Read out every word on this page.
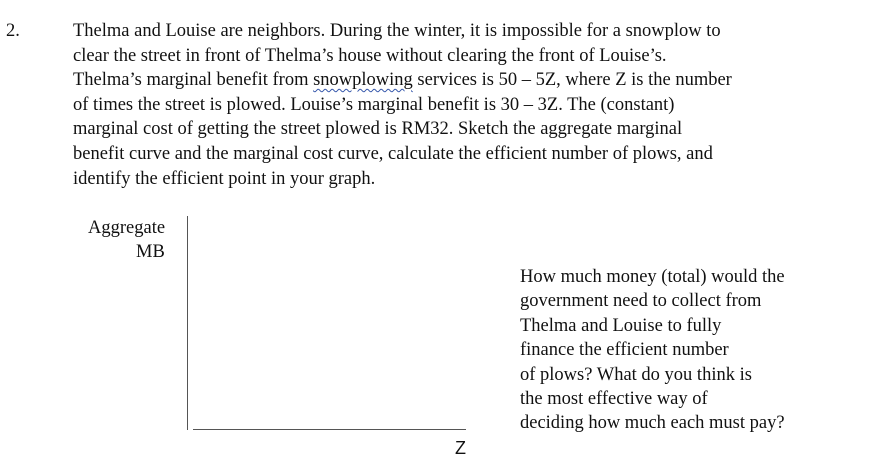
2.	Thelma and Louise are neighbors. During the winter, it is impossible for a snowplow to
clear the street in front of Thelma’s house without clearing the front of Louise’s.
Thelma’s marginal benefit from snowplowing services is 50 – 5Z, where Z is the number
of times the street is plowed. Louise’s marginal benefit is 30 – 3Z. The (constant)
marginal cost of getting the street plowed is RM32. Sketch the aggregate marginal
benefit curve and the marginal cost curve, calculate the efficient number of plows, and
identify the efficient point in your graph.
Aggregate
MB
Z
How much money (total) would the
government need to collect from
Thelma and Louise to fully
finance the efficient number
of plows? What do you think is
the most effective way of
deciding how much each must pay?
